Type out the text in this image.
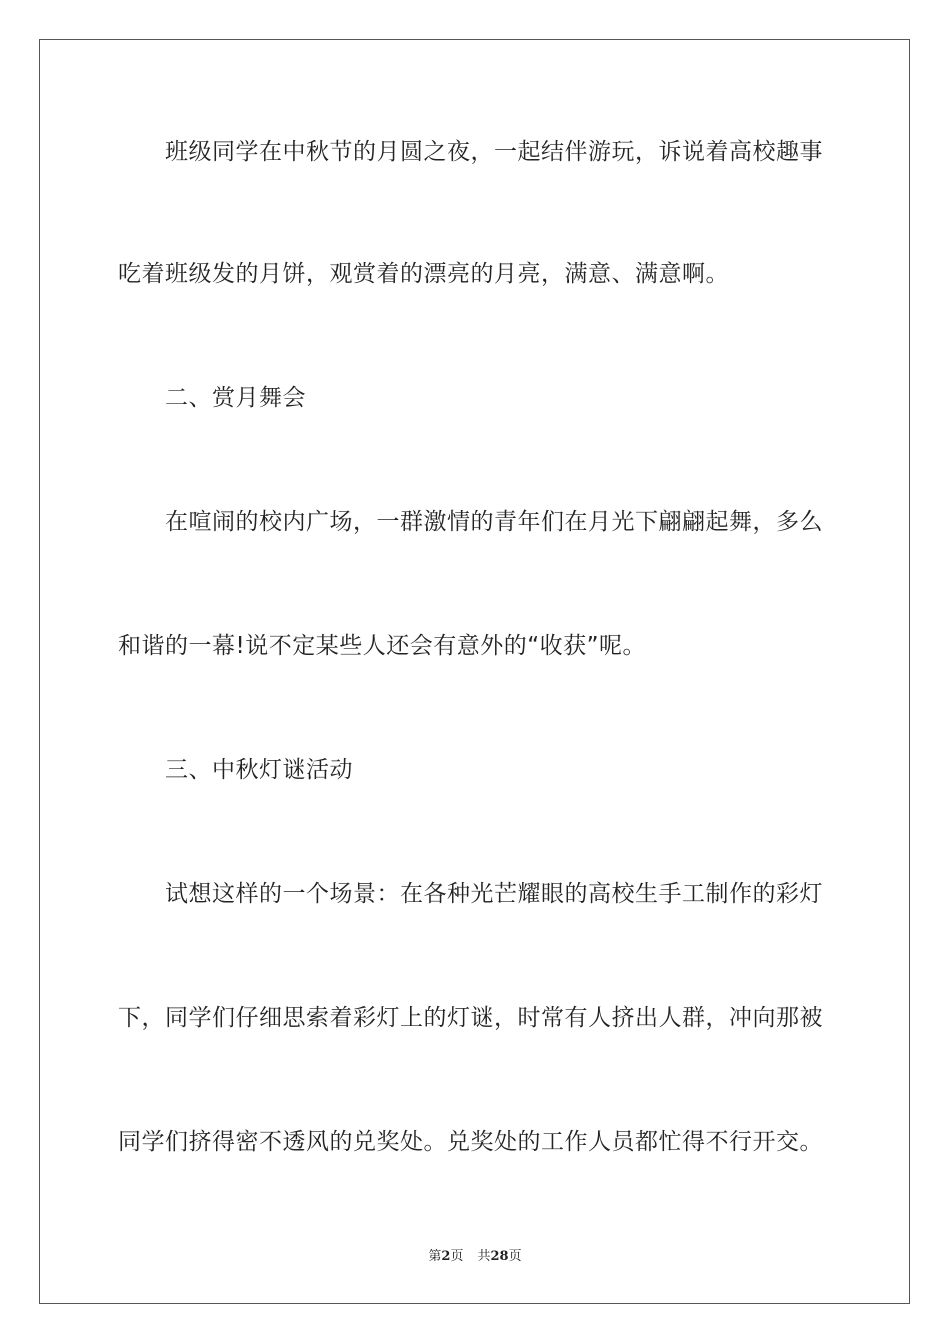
班级同学在中秋节的月圆之夜，一起结伴游玩，诉说着高校趣事
吃着班级发的月饼，观赏着的漂亮的月亮，满意、满意啊。
二、赏月舞会
在喧闹的校内广场，一群激情的青年们在月光下翩翩起舞，多么
和谐的一幕!说不定某些人还会有意外的“收获”呢。
三、中秋灯谜活动
试想这样的一个场景：在各种光芒耀眼的高校生手工制作的彩灯
下，同学们仔细思索着彩灯上的灯谜，时常有人挤出人群，冲向那被
同学们挤得密不透风的兑奖处。兑奖处的工作人员都忙得不行开交。
第2页 共28页
